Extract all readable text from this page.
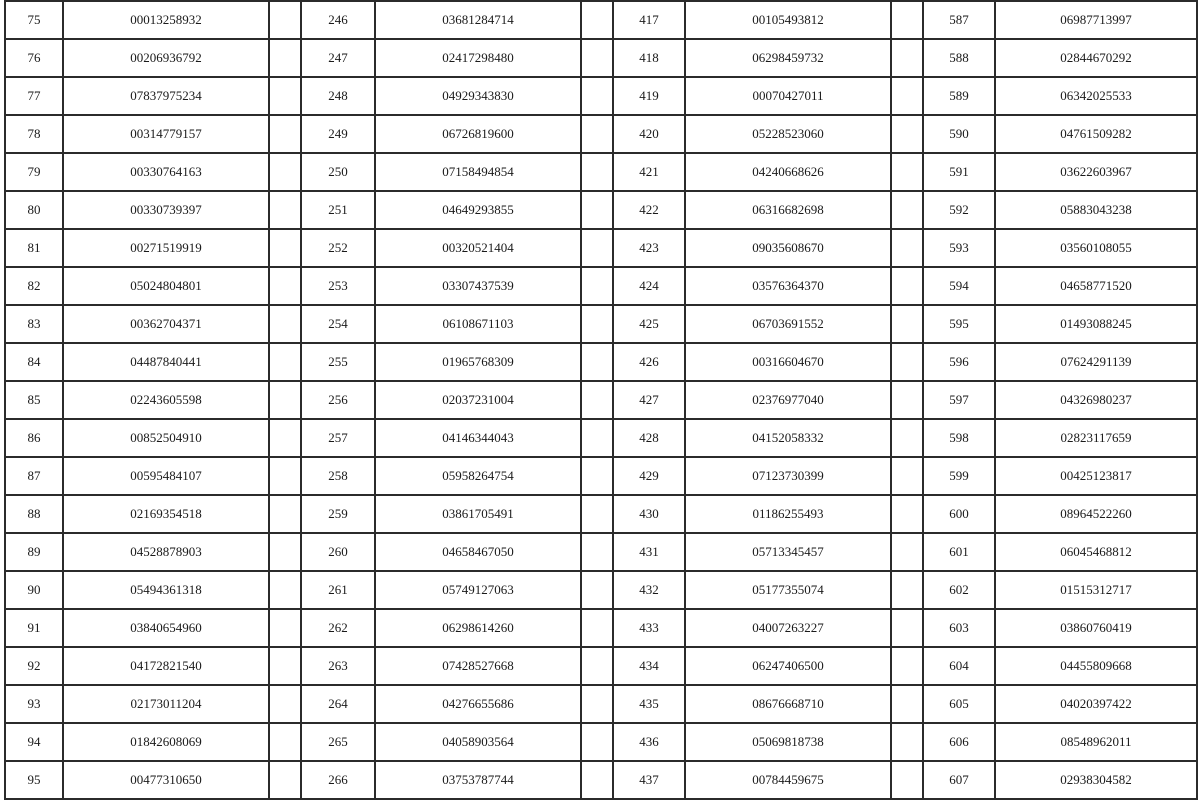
75	00013258932		246	03681284714		417	00105493812		587	06987713997
76	00206936792		247	02417298480		418	06298459732		588	02844670292
77	07837975234		248	04929343830		419	00070427011		589	06342025533
78	00314779157		249	06726819600		420	05228523060		590	04761509282
79	00330764163		250	07158494854		421	04240668626		591	03622603967
80	00330739397		251	04649293855		422	06316682698		592	05883043238
81	00271519919		252	00320521404		423	09035608670		593	03560108055
82	05024804801		253	03307437539		424	03576364370		594	04658771520
83	00362704371		254	06108671103		425	06703691552		595	01493088245
84	04487840441		255	01965768309		426	00316604670		596	07624291139
85	02243605598		256	02037231004		427	02376977040		597	04326980237
86	00852504910		257	04146344043		428	04152058332		598	02823117659
87	00595484107		258	05958264754		429	07123730399		599	00425123817
88	02169354518		259	03861705491		430	01186255493		600	08964522260
89	04528878903		260	04658467050		431	05713345457		601	06045468812
90	05494361318		261	05749127063		432	05177355074		602	01515312717
91	03840654960		262	06298614260		433	04007263227		603	03860760419
92	04172821540		263	07428527668		434	06247406500		604	04455809668
93	02173011204		264	04276655686		435	08676668710		605	04020397422
94	01842608069		265	04058903564		436	05069818738		606	08548962011
95	00477310650		266	03753787744		437	00784459675		607	02938304582
